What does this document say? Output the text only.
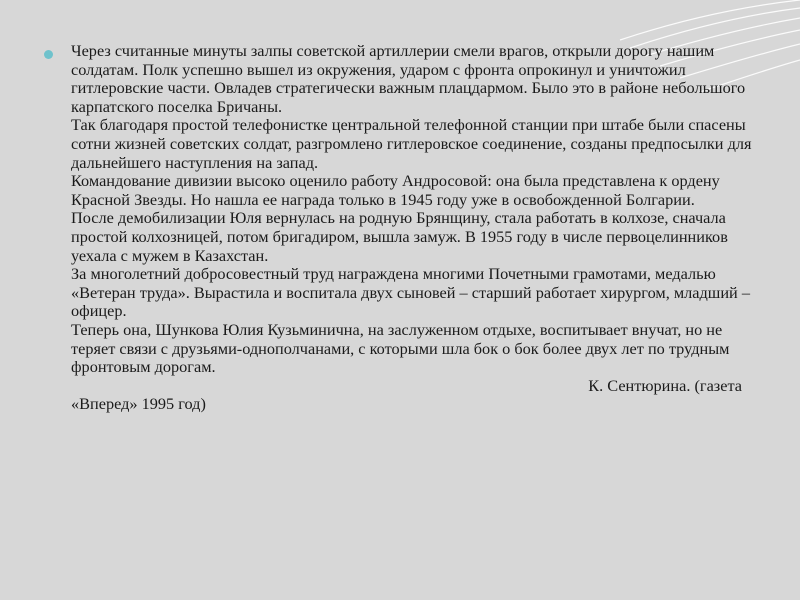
Через считанные минуты залпы советской артиллерии смели врагов, открыли дорогу нашим солдатам. Полк успешно вышел из окружения, ударом с фронта опрокинул и уничтожил гитлеровские части. Овладев стратегически важным плацдармом. Было это в районе небольшого карпатского поселка Бричаны.

Так благодаря простой телефонистке центральной телефонной станции при штабе были спасены сотни жизней советских солдат, разгромлено гитлеровское соединение, созданы предпосылки для дальнейшего наступления на запад.

Командование дивизии высоко оценило работу Андросовой: она была представлена к ордену Красной Звезды. Но нашла ее награда только в 1945 году уже в освобожденной Болгарии.

После демобилизации Юля вернулась на родную Брянщину, стала работать в колхозе, сначала простой колхозницей, потом бригадиром, вышла замуж. В 1955 году в числе первоцелинников уехала с мужем в Казахстан.

За многолетний добросовестный труд награждена многими Почетными грамотами, медалью «Ветеран труда». Вырастила и воспитала двух сыновей – старший работает хирургом, младший – офицер.

Теперь она, Шункова Юлия Кузьминична, на заслуженном отдыхе, воспитывает внучат, но не теряет связи с друзьями-однополчанами, с которыми шла бок о бок более двух лет по трудным фронтовым дорогам.

К. Сентюрина. (газета

«Вперед» 1995 год)
